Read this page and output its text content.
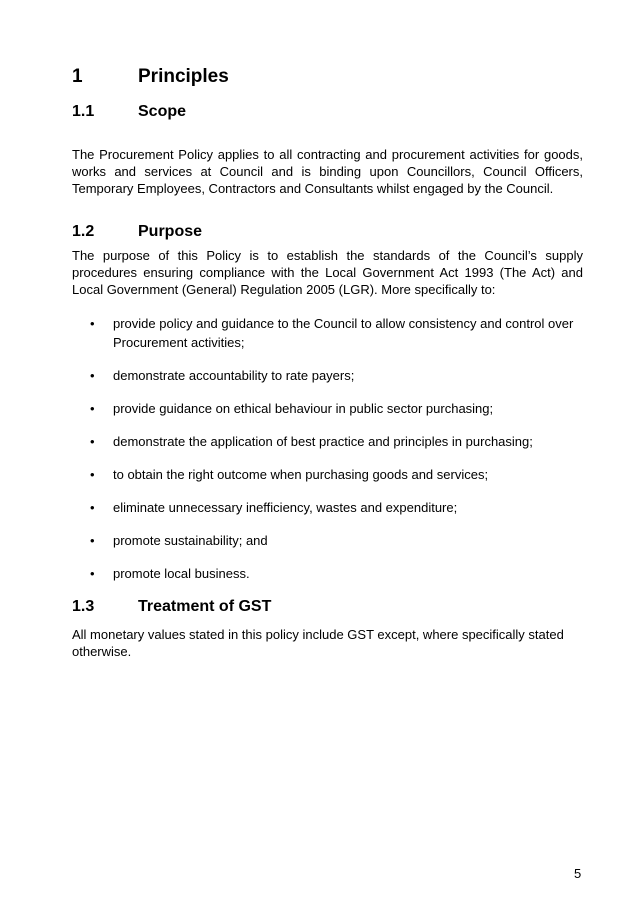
1	Principles
1.1	Scope

The Procurement Policy applies to all contracting and procurement activities for goods, works and services at Council and is binding upon Councillors, Council Officers, Temporary Employees, Contractors and Consultants whilst engaged by the Council.

1.2	Purpose

The purpose of this Policy is to establish the standards of the Council’s supply procedures ensuring compliance with the Local Government Act 1993 (The Act) and Local Government (General) Regulation 2005 (LGR). More specifically to:

• provide policy and guidance to the Council to allow consistency and control over Procurement activities;
• demonstrate accountability to rate payers;
• provide guidance on ethical behaviour in public sector purchasing;
• demonstrate the application of best practice and principles in purchasing;
• to obtain the right outcome when purchasing goods and services;
• eliminate unnecessary inefficiency, wastes and expenditure;
• promote sustainability; and
• promote local business.
1.3	Treatment of GST

All monetary values stated in this policy include GST except, where specifically stated otherwise.

5
